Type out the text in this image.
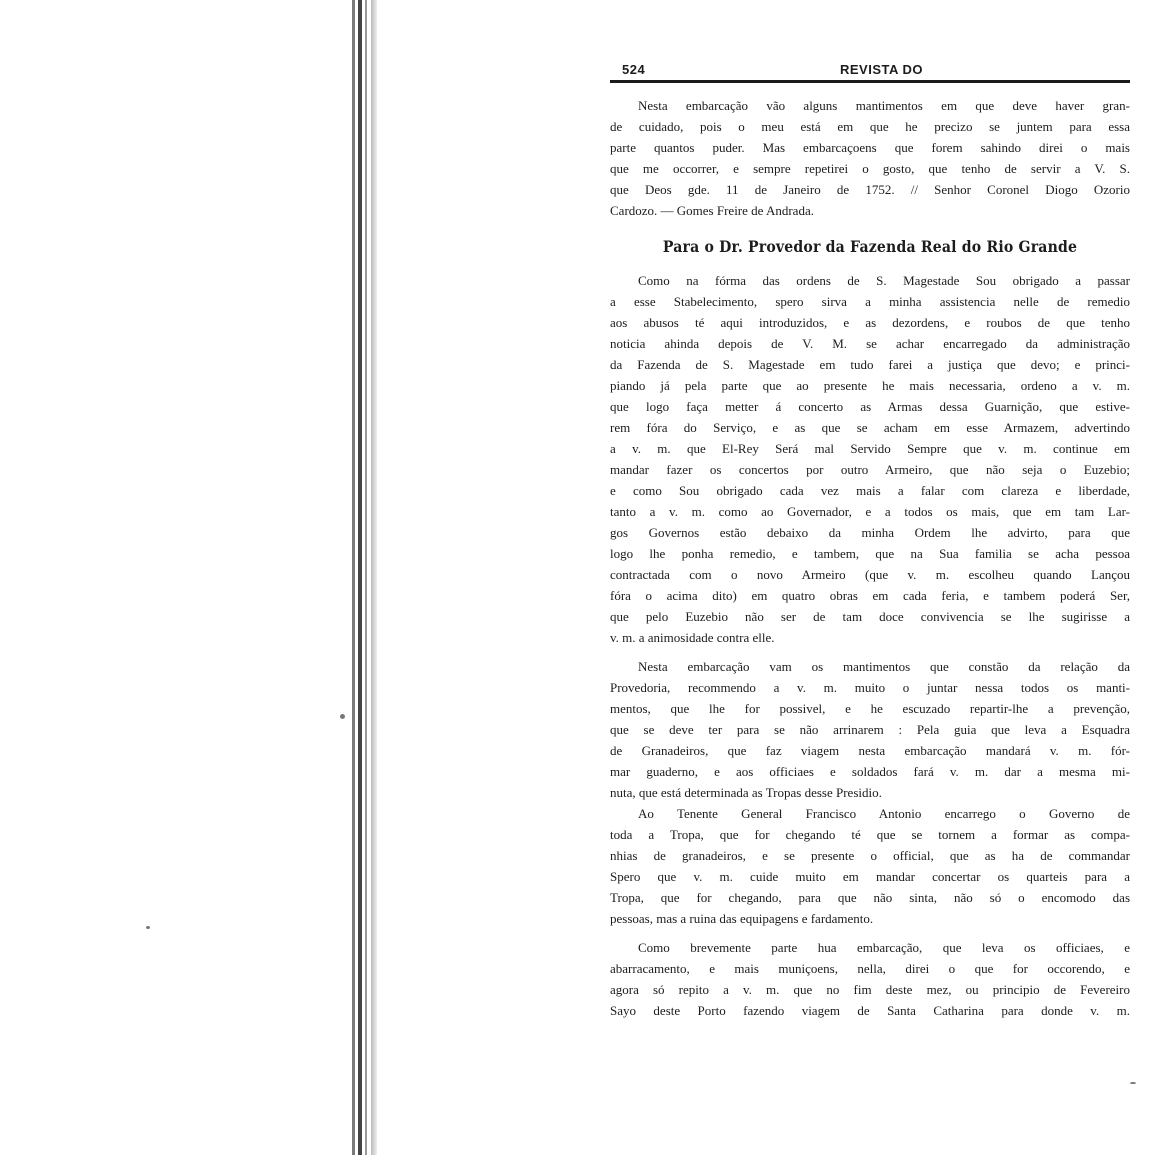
524	REVISTA DO
Nesta embarcação vão alguns mantimentos em que deve haver gran-
de cuidado, pois o meu está em que he precizo se juntem para essa
parte quantos puder. Mas embarcaçoens que forem sahindo direi o mais
que me occorrer, e sempre repetirei o gosto, que tenho de servir a V. S.
que Deos gde. 11 de Janeiro de 1752. // Senhor Coronel Diogo Ozorio
Cardozo. — Gomes Freire de Andrada.
Para o Dr. Provedor da Fazenda Real do Rio Grande
Como na fórma das ordens de S. Magestade Sou obrigado a passar
a esse Stabelecimento, spero sirva a minha assistencia nelle de remedio
aos abusos té aqui introduzidos, e as dezordens, e roubos de que tenho
noticia ahinda depois de V. M. se achar encarregado da administração
da Fazenda de S. Magestade em tudo farei a justiça que devo; e princi-
piando já pela parte que ao presente he mais necessaria, ordeno a v. m.
que logo faça metter á concerto as Armas dessa Guarnição, que estive-
rem fóra do Serviço, e as que se acham em esse Armazem, advertindo
a v. m. que El-Rey Será mal Servido Sempre que v. m. continue em
mandar fazer os concertos por outro Armeiro, que não seja o Euzebio;
e como Sou obrigado cada vez mais a falar com clareza e liberdade,
tanto a v. m. como ao Governador, e a todos os mais, que em tam Lar-
gos Governos estão debaixo da minha Ordem lhe advirto, para que
logo lhe ponha remedio, e tambem, que na Sua familia se acha pessoa
contractada com o novo Armeiro (que v. m. escolheu quando Lançou
fóra o acima dito) em quatro obras em cada feria, e tambem poderá Ser,
que pelo Euzebio não ser de tam doce convivencia se lhe sugirisse a
v. m. a animosidade contra elle.
Nesta embarcação vam os mantimentos que constão da relação da
Provedoria, recommendo a v. m. muito o juntar nessa todos os manti-
mentos, que lhe for possivel, e he escuzado repartir-lhe a prevenção,
que se deve ter para se não arrinarem : Pela guia que leva a Esquadra
de Granadeiros, que faz viagem nesta embarcação mandará v. m. fór-
mar guaderno, e aos officiaes e soldados fará v. m. dar a mesma mi-
nuta, que está determinada as Tropas desse Presidio.
Ao Tenente General Francisco Antonio encarrego o Governo de
toda a Tropa, que for chegando té que se tornem a formar as compa-
nhias de granadeiros, e se presente o official, que as ha de commandar
Spero que v. m. cuide muito em mandar concertar os quarteis para a
Tropa, que for chegando, para que não sinta, não só o encomodo das
pessoas, mas a ruina das equipagens e fardamento.
Como brevemente parte hua embarcação, que leva os officiaes, e
abarracamento, e mais muniçoens, nella, direi o que for occorendo, e
agora só repito a v. m. que no fim deste mez, ou principio de Fevereiro
Sayo deste Porto fazendo viagem de Santa Catharina para donde v. m.
